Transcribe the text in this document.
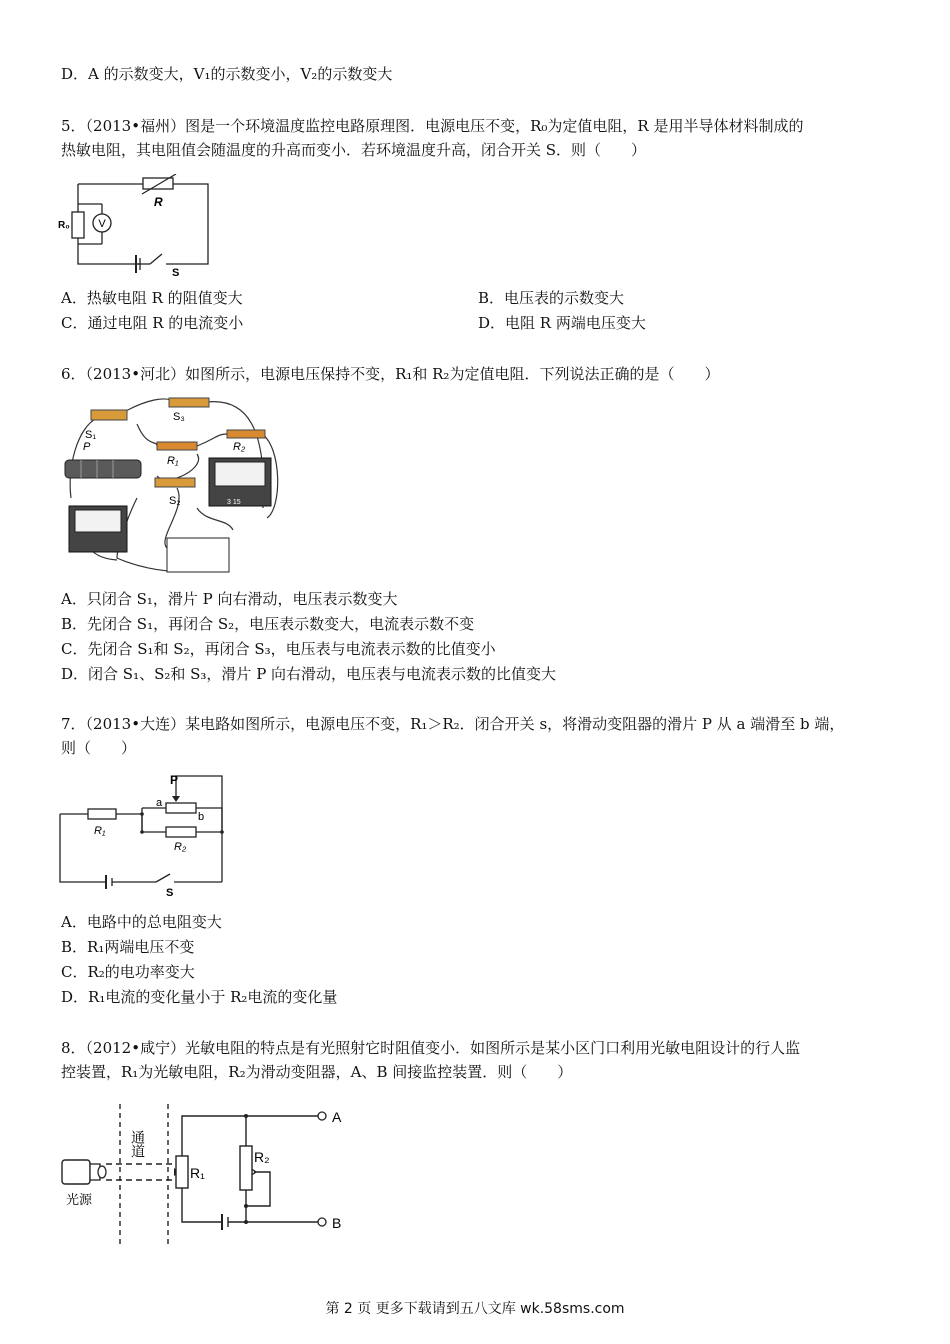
D．A 的示数变大，V₁的示数变小，V₂的示数变大
5．（2013•福州）图是一个环境温度监控电路原理图．电源电压不变，R₀为定值电阻，R 是用半导体材料制成的
热敏电阻，其电阻值会随温度的升高而变小．若环境温度升高，闭合开关 S．则（　　）
V
R
R₀
S
A．热敏电阻 R 的阻值变大	B．电压表的示数变大
C．通过电阻 R 的电流变小	D．电阻 R 两端电压变大
6．（2013•河北）如图所示，电源电压保持不变，R₁和 R₂为定值电阻．下列说法正确的是（　　）
S₁
S₃
R₁
R₂
S₂
P
3 15
A．只闭合 S₁，滑片 P 向右滑动，电压表示数变大
B．先闭合 S₁，再闭合 S₂，电压表示数变大，电流表示数不变
C．先闭合 S₁和 S₂，再闭合 S₃，电压表与电流表示数的比值变小
D．闭合 S₁、S₂和 S₃，滑片 P 向右滑动，电压表与电流表示数的比值变大
7．（2013•大连）某电路如图所示，电源电压不变，R₁＞R₂．闭合开关 s，将滑动变阻器的滑片 P 从 a 端滑至 b 端，
则（　　）
P
a
b
R₁
R₂
S
A．电路中的总电阻变大
B．R₁两端电压不变
C．R₂的电功率变大
D．R₁电流的变化量小于 R₂电流的变化量
8．（2012•咸宁）光敏电阻的特点是有光照射它时阻值变小．如图所示是某小区门口利用光敏电阻设计的行人监
控装置，R₁为光敏电阻，R₂为滑动变阻器，A、B 间接监控装置．则（　　）
通道
光源
R₁
R₂
A
B
第 2 页 更多下载请到五八文库 wk.58sms.com
